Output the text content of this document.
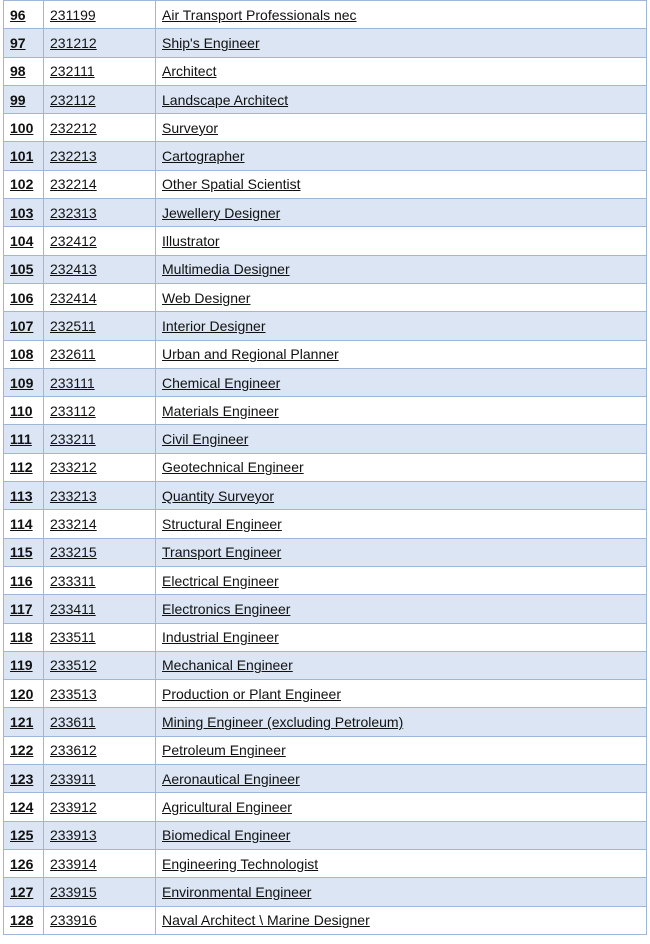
96	231199	Air Transport Professionals nec
97	231212	Ship's Engineer
98	232111	Architect
99	232112	Landscape Architect
100	232212	Surveyor
101	232213	Cartographer
102	232214	Other Spatial Scientist
103	232313	Jewellery Designer
104	232412	Illustrator
105	232413	Multimedia Designer
106	232414	Web Designer
107	232511	Interior Designer
108	232611	Urban and Regional Planner
109	233111	Chemical Engineer
110	233112	Materials Engineer
111	233211	Civil Engineer
112	233212	Geotechnical Engineer
113	233213	Quantity Surveyor
114	233214	Structural Engineer
115	233215	Transport Engineer
116	233311	Electrical Engineer
117	233411	Electronics Engineer
118	233511	Industrial Engineer
119	233512	Mechanical Engineer
120	233513	Production or Plant Engineer
121	233611	Mining Engineer (excluding Petroleum)
122	233612	Petroleum Engineer
123	233911	Aeronautical Engineer
124	233912	Agricultural Engineer
125	233913	Biomedical Engineer
126	233914	Engineering Technologist
127	233915	Environmental Engineer
128	233916	Naval Architect \ Marine Designer
